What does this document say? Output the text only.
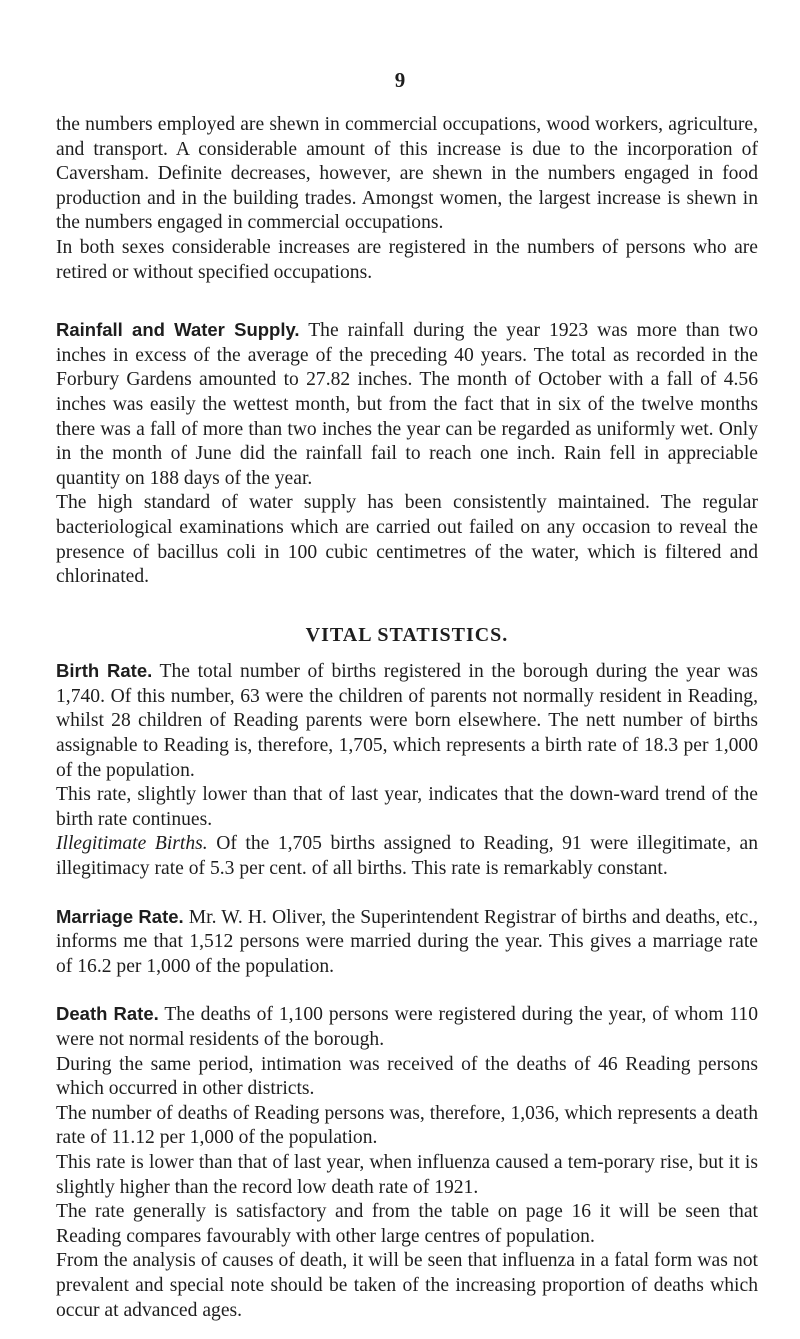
9

the numbers employed are shewn in commercial occupations, wood workers, agriculture, and transport. A considerable amount of this increase is due to the incorporation of Caversham. Definite decreases, however, are shewn in the numbers engaged in food production and in the building trades. Amongst women, the largest increase is shewn in the numbers engaged in commercial occupations.

In both sexes considerable increases are registered in the numbers of persons who are retired or without specified occupations.

Rainfall and Water Supply. The rainfall during the year 1923 was more than two inches in excess of the average of the preceding 40 years. The total as recorded in the Forbury Gardens amounted to 27.82 inches. The month of October with a fall of 4.56 inches was easily the wettest month, but from the fact that in six of the twelve months there was a fall of more than two inches the year can be regarded as uniformly wet. Only in the month of June did the rainfall fail to reach one inch. Rain fell in appreciable quantity on 188 days of the year.

The high standard of water supply has been consistently maintained. The regular bacteriological examinations which are carried out failed on any occasion to reveal the presence of bacillus coli in 100 cubic centimetres of the water, which is filtered and chlorinated.

VITAL STATISTICS.

Birth Rate. The total number of births registered in the borough during the year was 1,740. Of this number, 63 were the children of parents not normally resident in Reading, whilst 28 children of Reading parents were born elsewhere. The nett number of births assignable to Reading is, therefore, 1,705, which represents a birth rate of 18.3 per 1,000 of the population.

This rate, slightly lower than that of last year, indicates that the down-ward trend of the birth rate continues.

Illegitimate Births. Of the 1,705 births assigned to Reading, 91 were illegitimate, an illegitimacy rate of 5.3 per cent. of all births. This rate is remarkably constant.

Marriage Rate. Mr. W. H. Oliver, the Superintendent Registrar of births and deaths, etc., informs me that 1,512 persons were married during the year. This gives a marriage rate of 16.2 per 1,000 of the population.

Death Rate. The deaths of 1,100 persons were registered during the year, of whom 110 were not normal residents of the borough.

During the same period, intimation was received of the deaths of 46 Reading persons which occurred in other districts.

The number of deaths of Reading persons was, therefore, 1,036, which represents a death rate of 11.12 per 1,000 of the population.

This rate is lower than that of last year, when influenza caused a tem-porary rise, but it is slightly higher than the record low death rate of 1921.

The rate generally is satisfactory and from the table on page 16 it will be seen that Reading compares favourably with other large centres of population.

From the analysis of causes of death, it will be seen that influenza in a fatal form was not prevalent and special note should be taken of the increasing proportion of deaths which occur at advanced ages.
